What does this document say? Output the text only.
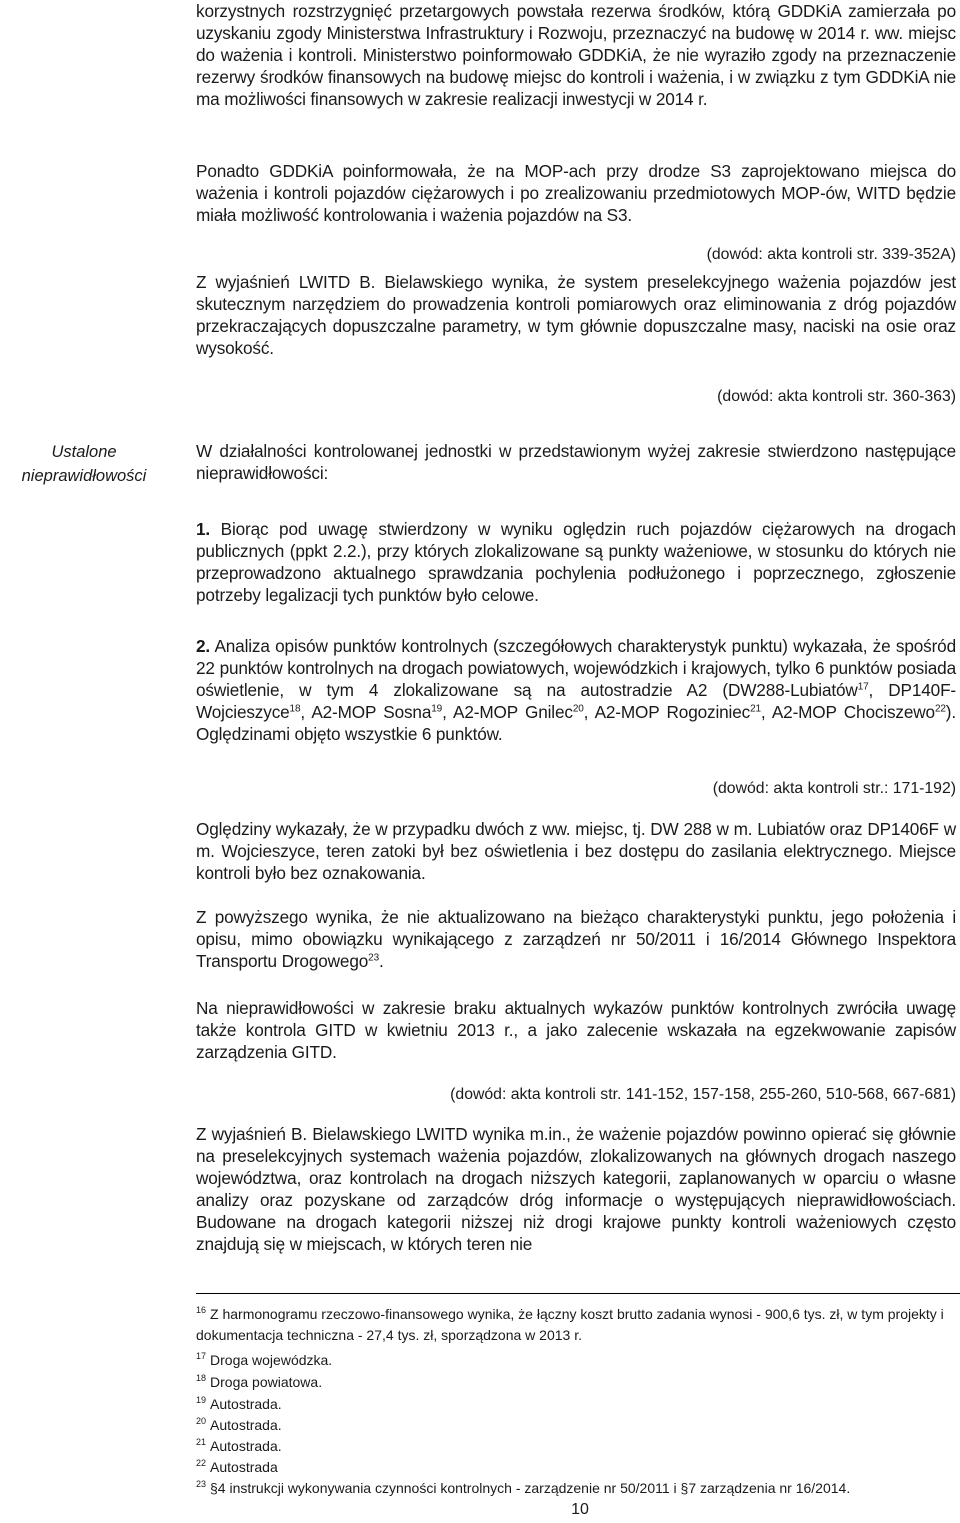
Ustalone
nieprawidłowości

korzystnych rozstrzygnięć przetargowych powstała rezerwa środków, którą GDDKiA zamierzała po uzyskaniu zgody Ministerstwa Infrastruktury i Rozwoju, przeznaczyć na budowę w 2014 r. ww. miejsc do ważenia i kontroli. Ministerstwo poinformowało GDDKiA, że nie wyraziło zgody na przeznaczenie rezerwy środków finansowych na budowę miejsc do kontroli i ważenia, i w związku z tym GDDKiA nie ma możliwości finansowych w zakresie realizacji inwestycji w 2014 r.

Ponadto GDDKiA poinformowała, że na MOP-ach przy drodze S3 zaprojektowano miejsca do ważenia i kontroli pojazdów ciężarowych i po zrealizowaniu przedmiotowych MOP-ów, WITD będzie miała możliwość kontrolowania i ważenia pojazdów na S3.

(dowód: akta kontroli str. 339-352A)

Z wyjaśnień LWITD B. Bielawskiego wynika, że system preselekcyjnego ważenia pojazdów jest skutecznym narzędziem do prowadzenia kontroli pomiarowych oraz eliminowania z dróg pojazdów przekraczających dopuszczalne parametry, w tym głównie dopuszczalne masy, naciski na osie oraz wysokość.

(dowód: akta kontroli str. 360-363)

W działalności kontrolowanej jednostki w przedstawionym wyżej zakresie stwierdzono następujące nieprawidłowości:

1. Biorąc pod uwagę stwierdzony w wyniku oględzin ruch pojazdów ciężarowych na drogach publicznych (ppkt 2.2.), przy których zlokalizowane są punkty ważeniowe, w stosunku do których nie przeprowadzono aktualnego sprawdzania pochylenia podłużonego i poprzecznego, zgłoszenie potrzeby legalizacji tych punktów było celowe.

2. Analiza opisów punktów kontrolnych (szczegółowych charakterystyk punktu) wykazała, że spośród 22 punktów kontrolnych na drogach powiatowych, wojewódzkich i krajowych, tylko 6 punktów posiada oświetlenie, w tym 4 zlokalizowane są na autostradzie A2 (DW288-Lubiatów$^{17}$, DP140F-Wojcieszyce$^{18}$, A2-MOP Sosna$^{19}$, A2-MOP Gnilec$^{20}$, A2-MOP Rogoziniec$^{21}$, A2-MOP Chociszewo$^{22}$). Oględzinami objęto wszystkie 6 punktów.

(dowód: akta kontroli str.: 171-192)

Oględziny wykazały, że w przypadku dwóch z ww. miejsc, tj. DW 288 w m. Lubiatów oraz DP1406F w m. Wojcieszyce, teren zatoki był bez oświetlenia i bez dostępu do zasilania elektrycznego. Miejsce kontroli było bez oznakowania.

Z powyższego wynika, że nie aktualizowano na bieżąco charakterystyki punktu, jego położenia i opisu, mimo obowiązku wynikającego z zarządzeń nr 50/2011 i 16/2014 Głównego Inspektora Transportu Drogowego$^{23}$.

Na nieprawidłowości w zakresie braku aktualnych wykazów punktów kontrolnych zwróciła uwagę także kontrola GITD w kwietniu 2013 r., a jako zalecenie wskazała na egzekwowanie zapisów zarządzenia GITD.

(dowód: akta kontroli str. 141-152, 157-158, 255-260, 510-568, 667-681)

Z wyjaśnień B. Bielawskiego LWITD wynika m.in., że ważenie pojazdów powinno opierać się głównie na preselekcyjnych systemach ważenia pojazdów, zlokalizowanych na głównych drogach naszego województwa, oraz kontrolach na drogach niższych kategorii, zaplanowanych w oparciu o własne analizy oraz pozyskane od zarządców dróg informacje o występujących nieprawidłowościach. Budowane na drogach kategorii niższej niż drogi krajowe punkty kontroli ważeniowych często znajdują się w miejscach, w których teren nie

$^{16}$ Z harmonogramu rzeczowo-finansowego wynika, że łączny koszt brutto zadania wynosi - 900,6 tys. zł, w tym projekty i dokumentacja techniczna - 27,4 tys. zł, sporządzona w 2013 r.
$^{17}$ Droga wojewódzka.
$^{18}$ Droga powiatowa.
$^{19}$ Autostrada.
$^{20}$ Autostrada.
$^{21}$ Autostrada.
$^{22}$ Autostrada
$^{23}$ §4 instrukcji wykonywania czynności kontrolnych - zarządzenie nr 50/2011 i §7 zarządzenia nr 16/2014.
10
